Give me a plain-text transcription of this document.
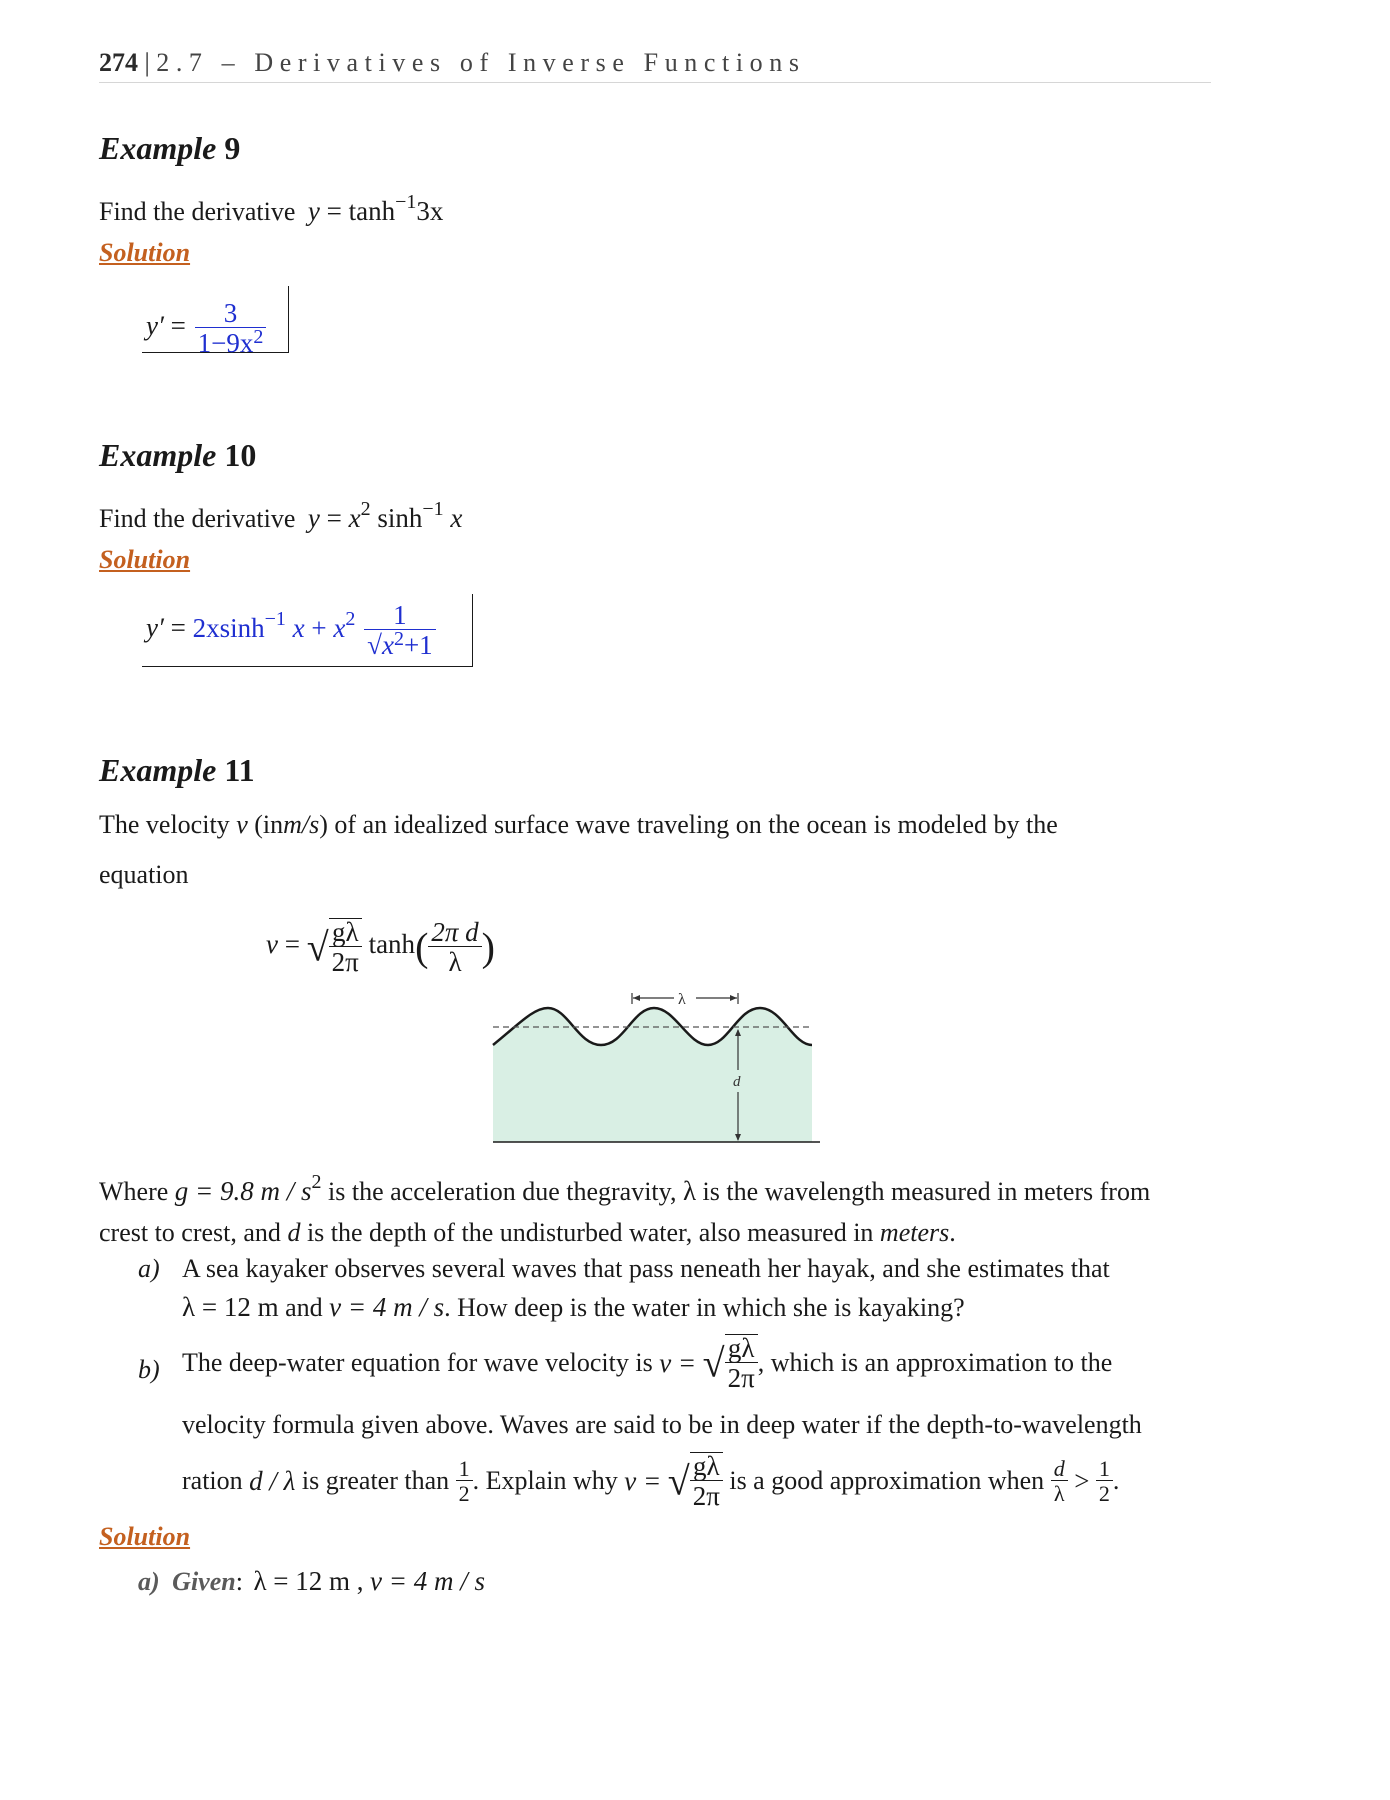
274 | 2.7 – Derivatives of Inverse Functions
Example 9
Find the derivative $y = \tanh^{-1}3x$
Solution
$y' = \frac{3}{1-9x^2}$
Example 10
Find the derivative $y = x^2$ $\sinh^{-1} x$
Solution
y′ = 2xsinh$^{-1}$ $x + x^2 \frac{1}{√x^2+1}$
Example 11
The velocity v (inm/s) of an idealized surface wave traveling on the ocean is modeled by the
equation
v = √ $\frac{g\lambda}{2\pi} \tanh( \frac{\text{2π d}}{\lambda}$ )
λ
d
Where g = 9.8 m / $s^2$ is the acceleration due thegravity, λ is the wavelength measured in meters from
crest to crest, and d is the depth of the undisturbed water, also measured in meters.
a) A sea kayaker observes several waves that pass neneath her hayak, and she estimates that
λ = 12 m and v = 4 m / s. How deep is the water in which she is kayaking?
b) The deep-water equation for wave velocity is v = √ $\frac{g\lambda}{2\pi}$ , which is an approximation to the
velocity formula given above. Waves are said to be in deep water if the depth-to-wavelength
ration d / λ is greater than $\frac{1}{2}$ . Explain why v = √ $\frac{g\lambda}{2\pi}$ is a good approximation when $\frac{d}{\lambda} > \frac{1}{2}$ .
Solution
a) Given: λ = 12 m , v = 4 m / s
